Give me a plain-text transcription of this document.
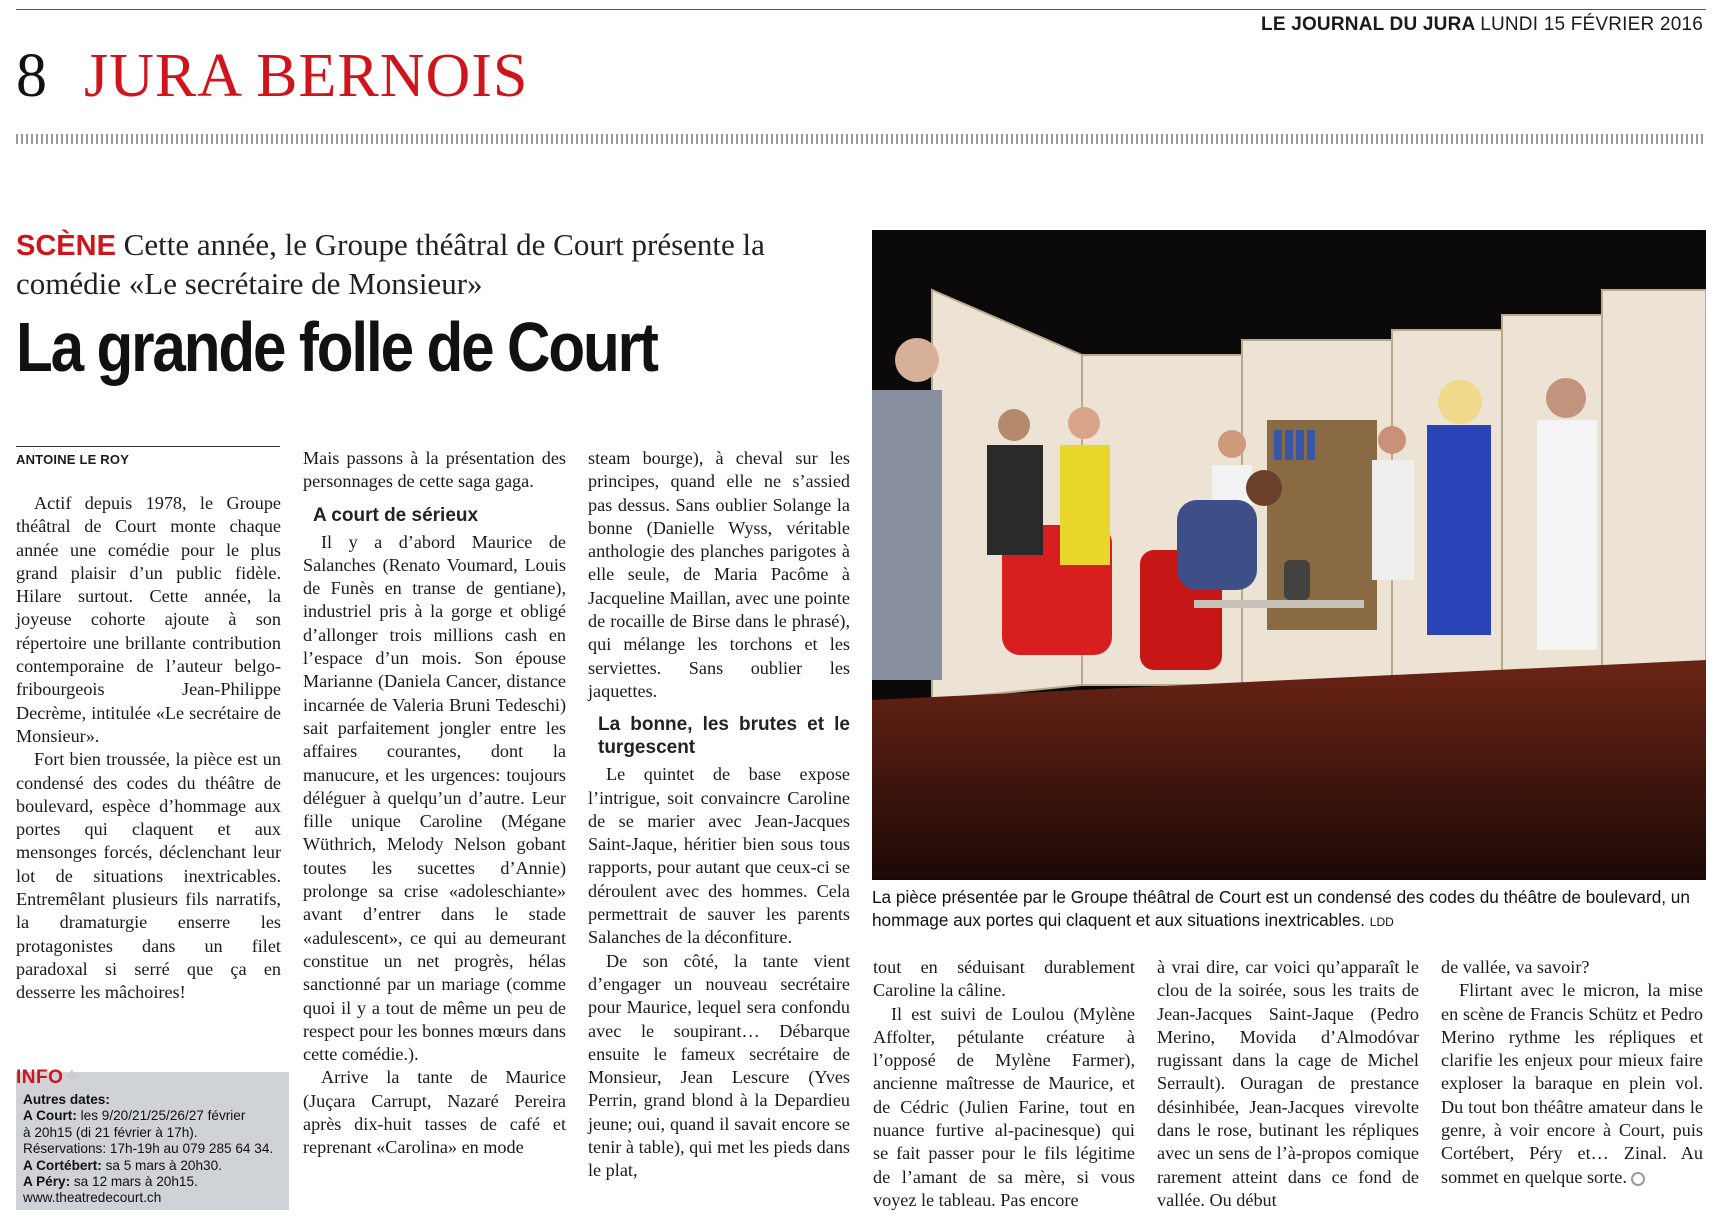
LE JOURNAL DU JURA LUNDI 15 FÉVRIER 2016
8 JURA BERNOIS
SCÈNE Cette année, le Groupe théâtral de Court présente la comédie «Le secrétaire de Monsieur»
La grande folle de Court
ANTOINE LE ROY

Actif depuis 1978, le Groupe théâtral de Court monte chaque année une comédie pour le plus grand plaisir d’un public fidèle. Hilare surtout. Cette année, la joyeuse cohorte ajoute à son répertoire une brillante contribution contemporaine de l’auteur belgo-fribourgeois Jean-Philippe Decrème, intitulée «Le secrétaire de Monsieur».

Fort bien troussée, la pièce est un condensé des codes du théâtre de boulevard, espèce d’hommage aux portes qui claquent et aux mensonges forcés, déclenchant leur lot de situations inextricables. Entremêlant plusieurs fils narratifs, la dramaturgie enserre les protagonistes dans un filet paradoxal si serré que ça en desserre les mâchoires!

Mais passons à la présentation des personnages de cette saga gaga.

A court de sérieux

Il y a d’abord Maurice de Salanches (Renato Voumard, Louis de Funès en transe de gentiane), industriel pris à la gorge et obligé d’allonger trois millions cash en l’espace d’un mois. Son épouse Marianne (Daniela Cancer, distance incarnée de Valeria Bruni Tedeschi) sait parfaitement jongler entre les affaires courantes, dont la manucure, et les urgences: toujours déléguer à quelqu’un d’autre. Leur fille unique Caroline (Mégane Wüthrich, Melody Nelson gobant toutes les sucettes d’Annie) prolonge sa crise «adoleschiante» avant d’entrer dans le stade «adulescent», ce qui au demeurant constitue un net progrès, hélas sanctionné par un mariage (comme quoi il y a tout de même un peu de respect pour les bonnes mœurs dans cette comédie.).

Arrive la tante de Maurice (Juçara Carrupt, Nazaré Pereira après dix-huit tasses de café et reprenant «Carolina» en mode

steam bourge), à cheval sur les principes, quand elle ne s’assied pas dessus. Sans oublier Solange la bonne (Danielle Wyss, véritable anthologie des planches parigotes à elle seule, de Maria Pacôme à Jacqueline Maillan, avec une pointe de rocaille de Birse dans le phrasé), qui mélange les torchons et les serviettes. Sans oublier les jaquettes.

La bonne, les brutes et le turgescent

Le quintet de base expose l’intrigue, soit convaincre Caroline de se marier avec Jean-Jacques Saint-Jaque, héritier bien sous tous rapports, pour autant que ceux-ci se déroulent avec des hommes. Cela permettrait de sauver les parents Salanches de la déconfiture.

De son côté, la tante vient d’engager un nouveau secrétaire pour Maurice, lequel sera confondu avec le soupirant… Débarque ensuite le fameux secrétaire de Monsieur, Jean Lescure (Yves Perrin, grand blond à la Depardieu jeune; oui, quand il savait encore se tenir à table), qui met les pieds dans le plat,

tout en séduisant durablement Caroline la câline.

Il est suivi de Loulou (Mylène Affolter, pétulante créature à l’opposé de Mylène Farmer), ancienne maîtresse de Maurice, et de Cédric (Julien Farine, tout en nuance furtive al-pacinesque) qui se fait passer pour le fils légitime de l’amant de sa mère, si vous voyez le tableau. Pas encore

à vrai dire, car voici qu’apparaît le clou de la soirée, sous les traits de Jean-Jacques Saint-Jaque (Pedro Merino, Movida d’Almodóvar rugissant dans la cage de Michel Serrault). Ouragan de prestance désinhibée, Jean-Jacques virevolte dans le rose, butinant les répliques avec un sens de l’à-propos comique rarement atteint dans ce fond de vallée. Ou début

de vallée, va savoir?

Flirtant avec le micron, la mise en scène de Francis Schütz et Pedro Merino rythme les répliques et clarifie les enjeux pour mieux faire exploser la baraque en plein vol. Du tout bon théâtre amateur dans le genre, à voir encore à Court, puis Cortébert, Péry et… Zinal. Au sommet en quelque sorte.

INFO +
Autres dates:
A Court: les 9/20/21/25/26/27 février
à 20h15 (di 21 février à 17h).
Réservations: 17h-19h au 079 285 64 34.
A Cortébert: sa 5 mars à 20h30.
A Péry: sa 12 mars à 20h15.
www.theatredecourt.ch
La pièce présentée par le Groupe théâtral de Court est un condensé des codes du théâtre de boulevard, un hommage aux portes qui claquent et aux situations inextricables. LDD
